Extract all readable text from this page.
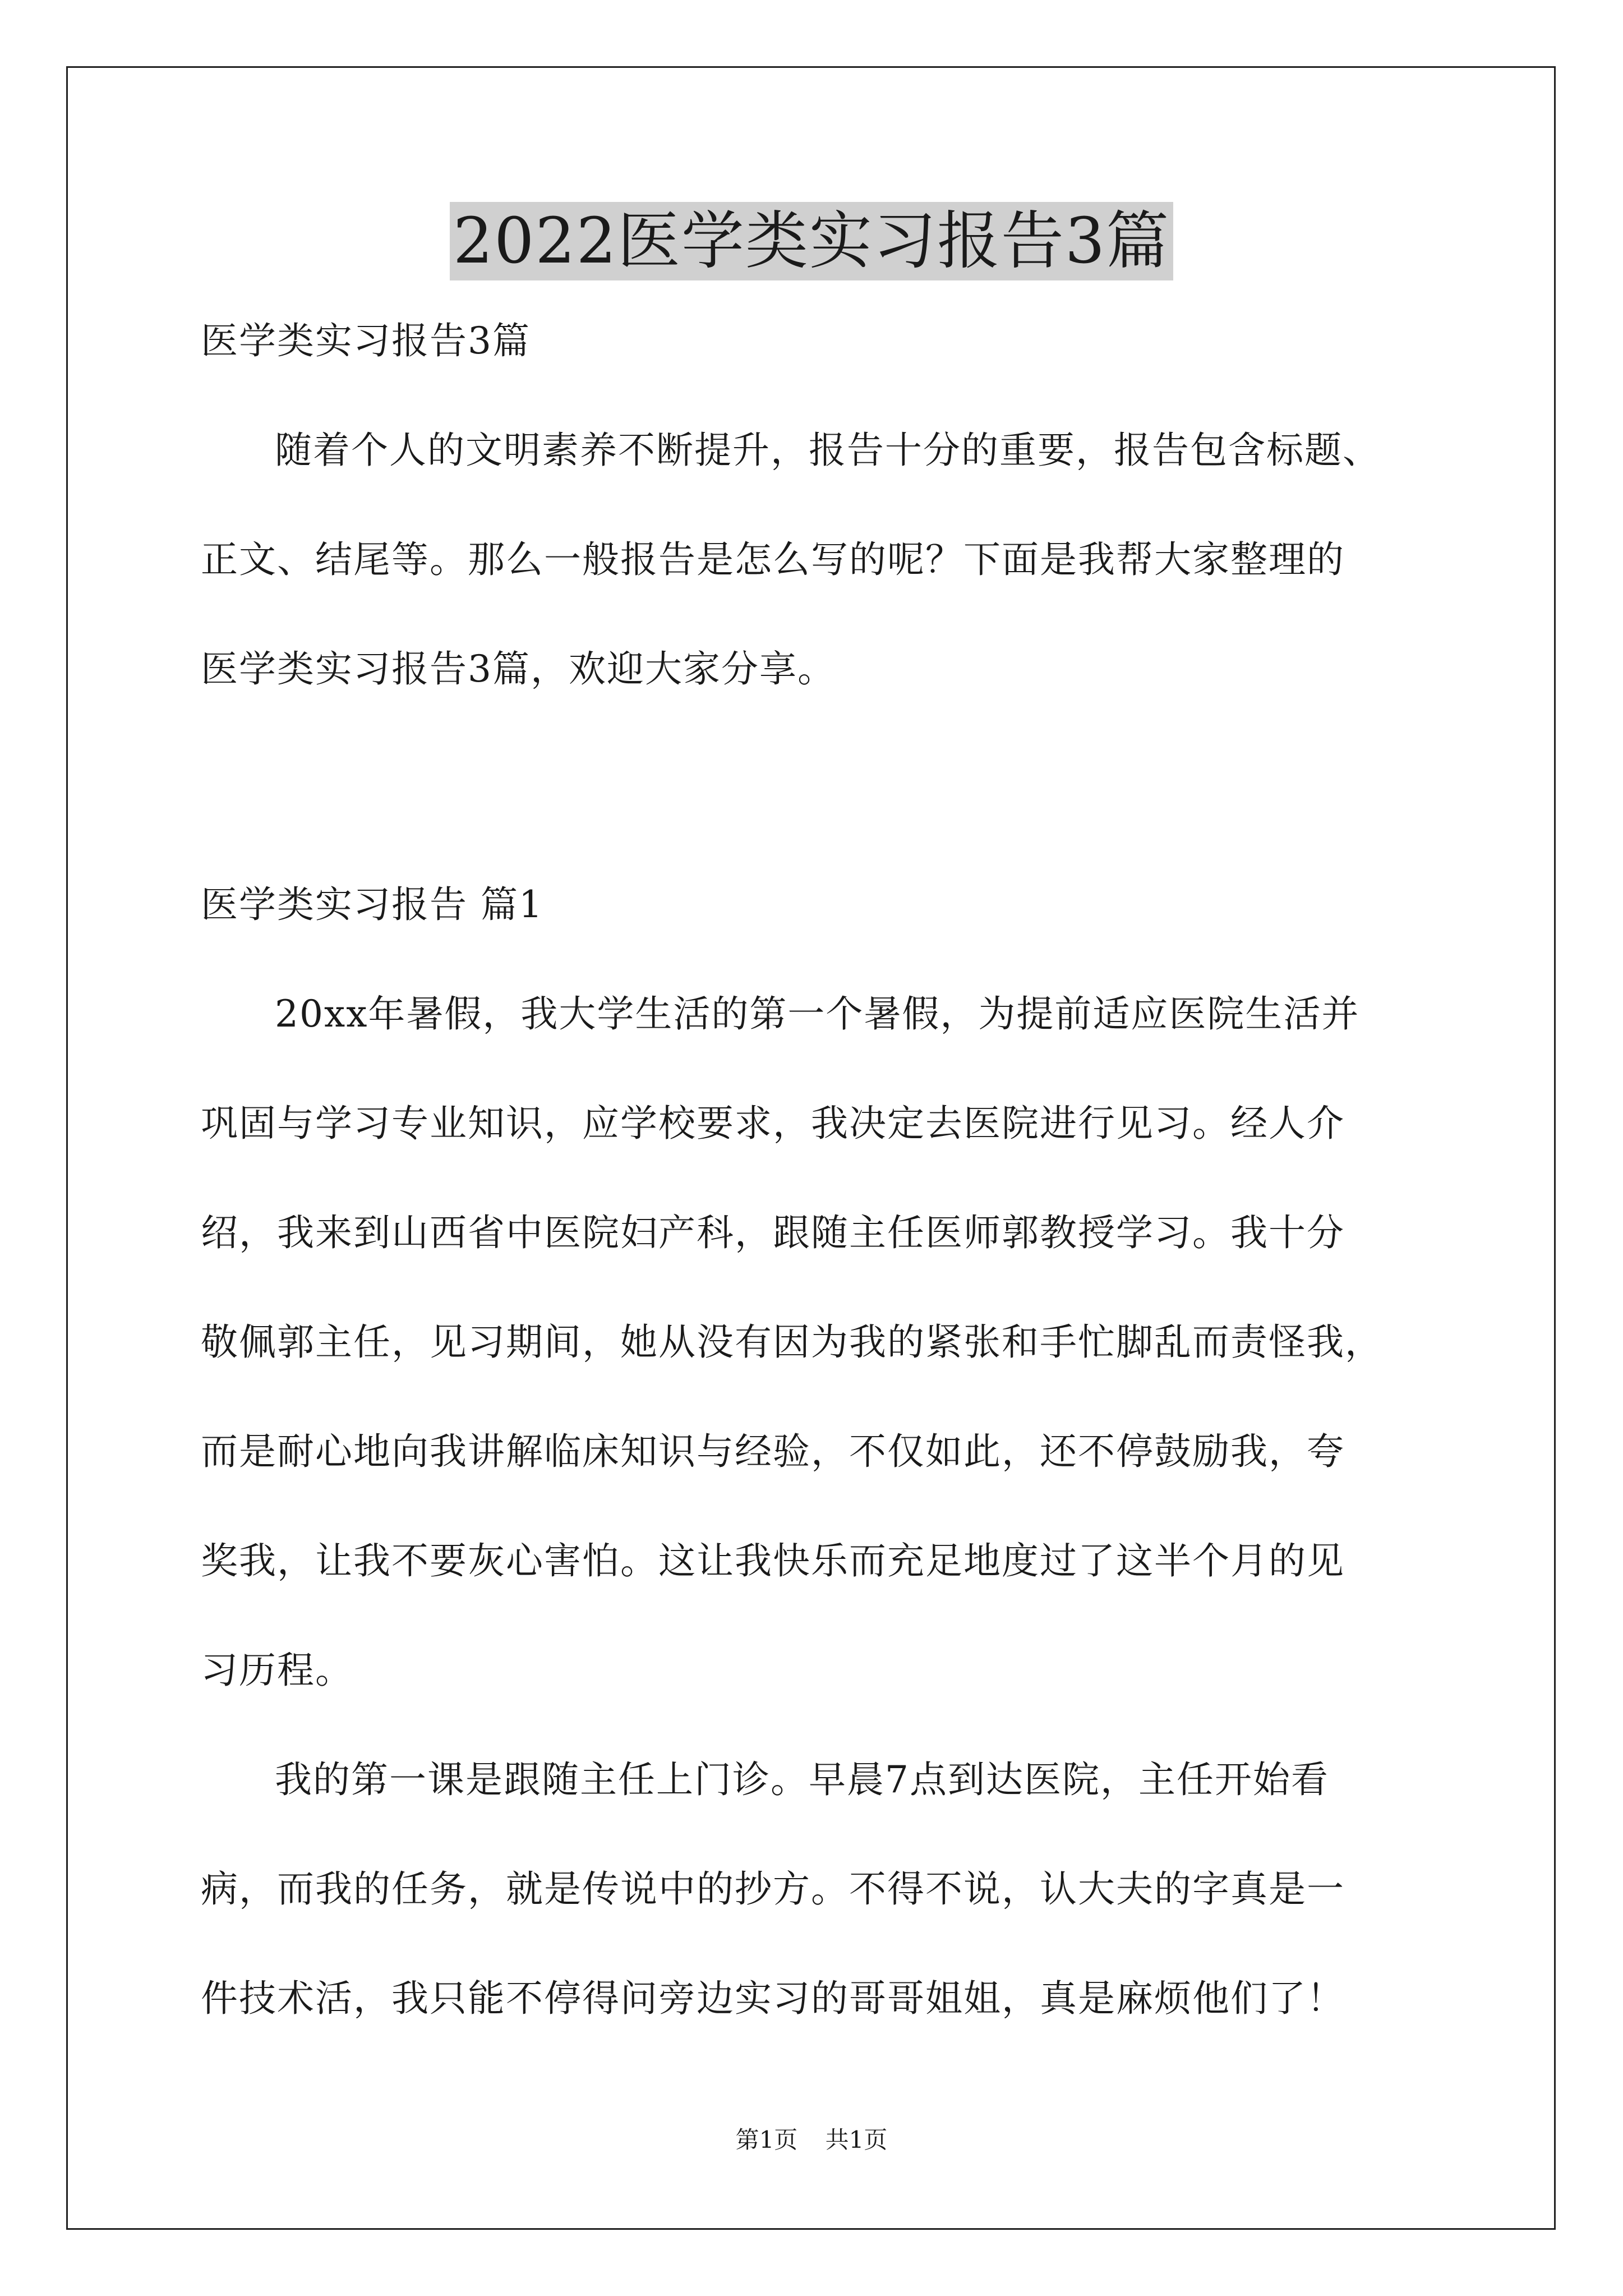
2022医学类实习报告3篇
医学类实习报告3篇
随着个人的文明素养不断提升，报告十分的重要，报告包含标题、
正文、结尾等。那么一般报告是怎么写的呢？下面是我帮大家整理的
医学类实习报告3篇，欢迎大家分享。
医学类实习报告 篇1
20xx年暑假，我大学生活的第一个暑假，为提前适应医院生活并
巩固与学习专业知识，应学校要求，我决定去医院进行见习。经人介
绍，我来到山西省中医院妇产科，跟随主任医师郭教授学习。我十分
敬佩郭主任，见习期间，她从没有因为我的紧张和手忙脚乱而责怪我，
而是耐心地向我讲解临床知识与经验，不仅如此，还不停鼓励我，夸
奖我，让我不要灰心害怕。这让我快乐而充足地度过了这半个月的见
习历程。
我的第一课是跟随主任上门诊。早晨7点到达医院，主任开始看
病，而我的任务，就是传说中的抄方。不得不说，认大夫的字真是一
件技术活，我只能不停得问旁边实习的哥哥姐姐，真是麻烦他们了！
第1页 共1页
